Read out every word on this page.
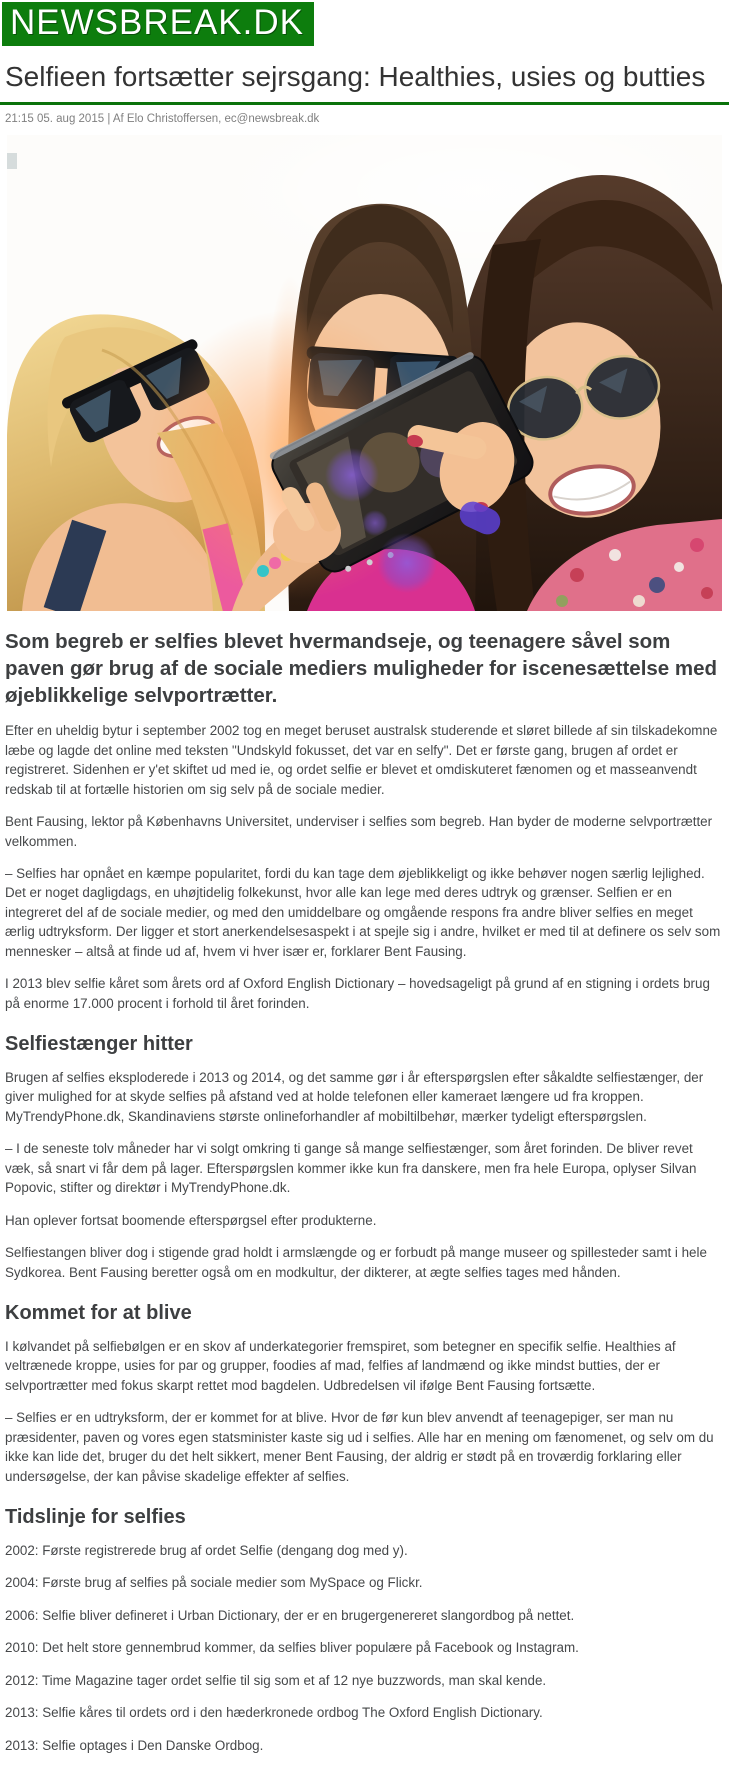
NEWSBREAK.DK
Selfieen fortsætter sejrsgang: Healthies, usies og butties
21:15 05. aug 2015 | Af Elo Christoffersen, ec@newsbreak.dk

Som begreb er selfies blevet hvermandseje, og teenagere såvel som paven gør brug af de sociale mediers muligheder for iscenesættelse med øjeblikkelige selvportrætter.

Efter en uheldig bytur i september 2002 tog en meget beruset australsk studerende et sløret billede af sin tilskadekomne læbe og lagde det online med teksten "Undskyld fokusset, det var en selfy". Det er første gang, brugen af ordet er registreret. Sidenhen er y'et skiftet ud med ie, og ordet selfie er blevet et omdiskuteret fænomen og et masseanvendt redskab til at fortælle historien om sig selv på de sociale medier.

Bent Fausing, lektor på Københavns Universitet, underviser i selfies som begreb. Han byder de moderne selvportrætter velkommen.

– Selfies har opnået en kæmpe popularitet, fordi du kan tage dem øjeblikkeligt og ikke behøver nogen særlig lejlighed. Det er noget dagligdags, en uhøjtidelig folkekunst, hvor alle kan lege med deres udtryk og grænser. Selfien er en integreret del af de sociale medier, og med den umiddelbare og omgående respons fra andre bliver selfies en meget ærlig udtryksform. Der ligger et stort anerkendelsesaspekt i at spejle sig i andre, hvilket er med til at definere os selv som mennesker – altså at finde ud af, hvem vi hver især er, forklarer Bent Fausing.

I 2013 blev selfie kåret som årets ord af Oxford English Dictionary – hovedsageligt på grund af en stigning i ordets brug på enorme 17.000 procent i forhold til året forinden.

Selfiestænger hitter

Brugen af selfies eksploderede i 2013 og 2014, og det samme gør i år efterspørgslen efter såkaldte selfiestænger, der giver mulighed for at skyde selfies på afstand ved at holde telefonen eller kameraet længere ud fra kroppen. MyTrendyPhone.dk, Skandinaviens største onlineforhandler af mobiltilbehør, mærker tydeligt efterspørgslen.

– I de seneste tolv måneder har vi solgt omkring ti gange så mange selfiestænger, som året forinden. De bliver revet væk, så snart vi får dem på lager. Efterspørgslen kommer ikke kun fra danskere, men fra hele Europa, oplyser Silvan Popovic, stifter og direktør i MyTrendyPhone.dk.

Han oplever fortsat boomende efterspørgsel efter produkterne.

Selfiestangen bliver dog i stigende grad holdt i armslængde og er forbudt på mange museer og spillesteder samt i hele Sydkorea. Bent Fausing beretter også om en modkultur, der dikterer, at ægte selfies tages med hånden.

Kommet for at blive

I kølvandet på selfiebølgen er en skov af underkategorier fremspiret, som betegner en specifik selfie. Healthies af veltrænede kroppe, usies for par og grupper, foodies af mad, felfies af landmænd og ikke mindst butties, der er selvportrætter med fokus skarpt rettet mod bagdelen. Udbredelsen vil ifølge Bent Fausing fortsætte.

– Selfies er en udtryksform, der er kommet for at blive. Hvor de før kun blev anvendt af teenagepiger, ser man nu præsidenter, paven og vores egen statsminister kaste sig ud i selfies. Alle har en mening om fænomenet, og selv om du ikke kan lide det, bruger du det helt sikkert, mener Bent Fausing, der aldrig er stødt på en troværdig forklaring eller undersøgelse, der kan påvise skadelige effekter af selfies.

Tidslinje for selfies

2002: Første registrerede brug af ordet Selfie (dengang dog med y).

2004: Første brug af selfies på sociale medier som MySpace og Flickr.

2006: Selfie bliver defineret i Urban Dictionary, der er en brugergenereret slangordbog på nettet.

2010: Det helt store gennembrud kommer, da selfies bliver populære på Facebook og Instagram.

2012: Time Magazine tager ordet selfie til sig som et af 12 nye buzzwords, man skal kende.

2013: Selfie kåres til ordets ord i den hæderkronede ordbog The Oxford English Dictionary.

2013: Selfie optages i Den Danske Ordbog.
